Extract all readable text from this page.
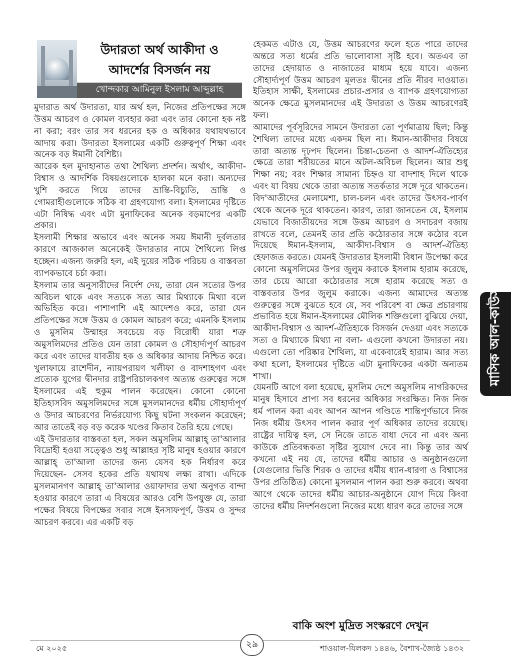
উদারতা অর্থ আকীদা ও
আদর্শের বিসর্জন নয়
খোন্দকার আমিনুল ইসলাম আব্দুল্লাহ

মুদারাত অর্থ উদারতা, যার অর্থ হল, নিজের প্রতিপক্ষের সঙ্গে উত্তম আচরণ ও কোমল ব্যবহার করা এবং তার কোনো হক নষ্ট না করা; বরং তার সব ধরনের হক ও অধিকার যথাযথভাবে আদায় করা। উদারতা ইসলামের একটি গুরুত্বপূর্ণ শিক্ষা এবং অনেক বড় ঈমানী বৈশিষ্ট্য।

আরেক হল মুদাহানাত তথা শৈথিল্য প্রদর্শন। অর্থাৎ, আকীদা-বিশ্বাস ও আদর্শিক বিষয়গুলোকে হালকা মনে করা। অন্যদের খুশি করতে গিয়ে তাদের ভ্রান্তি-বিচ্যুতি, ভ্রান্তি ও গোমরাহীগুলোকে সঠিক বা গ্রহণযোগ্য বলা। ইসলামের দৃষ্টিতে এটা নিষিদ্ধ এবং এটা মুনাফিকের অনেক বড়মাপের একটি প্রকার।

ইসলামী শিক্ষার অভাবে এবং অনেক সময় ঈমানী দুর্বলতার কারণে আজকাল অনেকেই উদারতার নামে শৈথিল্যে লিপ্ত হচ্ছেন। এজন্য জরুরি হল, এই দুয়ের সঠিক পরিচয় ও বাস্তবতা ব্যাপকভাবে চর্চা করা।

ইসলাম তার অনুসারীদের নির্দেশ দেয়, তারা যেন সত্যের উপর অবিচল থাকে এবং সত্যকে সত্য আর মিথ্যাকে মিথ্যা বলে অভিহিত করে। পাশাপাশি এই আদেশও করে, তারা যেন প্রতিপক্ষের সঙ্গে উত্তম ও কোমল আচরণ করে; এমনকি ইসলাম ও মুসলিম উম্মাহর সবচেয়ে বড় বিরোধী যারা শত্রু অমুসলিমদের প্রতিও যেন তারা কোমল ও সৌহার্দ্যপূর্ণ আচরণ করে এবং তাদের যাবতীয় হক ও অধিকার আদায় নিশ্চিত করে। খুলাফায়ে রাশেদীন, ন্যায়পরায়ণ খলীফা ও বাদশাহগণ এবং প্রত্যেক যুগের দ্বীনদার রাষ্ট্রপরিচালকগণ অত্যন্ত গুরুত্বের সঙ্গে ইসলামের এই হুকুম পালন করেছেন। কোনো কোনো ইতিহাসবিদ অমুসলিমদের সঙ্গে মুসলমানদের ধর্মীয় সৌহার্দ্যপূর্ণ ও উদার আচরণের নির্ভরযোগ্য কিছু ঘটনা সংকলন করেছেন; আর তাতেই বড় বড় করেক খণ্ডের কিতাব তৈরি হয়ে গেছে।

এই উদারতার বাস্তবতা হল, সকল অমুসলিম আল্লাহ্ তা'আলার বিদ্রোহী হওয়া সত্ত্বেও শুধু আল্লাহর সৃষ্টি মানুষ হওয়ার কারণে আল্লাহ্ তা'আলা তাদের জন্য যেসব হক নির্ধারণ করে দিয়েছেন- সেসব হকের প্রতি যথাযথ লক্ষ্য রাখা। এদিকে মুসলমানগণ আল্লাহ্ তা'আলার ওয়াফাদার তথা অনুগত বান্দা হওয়ার কারণে তারা এ বিষয়ের আরও বেশি উপযুক্ত যে, তারা পক্ষের বিষয়ে বিপক্ষের সবার সঙ্গে ইনসাফপূর্ণ, উত্তম ও সুন্দর আচরণ করবে। এর একটি বড়

হেকমত এটাও যে, উত্তম আচরণের ফলে হতে পারে তাদের অন্তরে সত্য ধর্মের প্রতি ভালোবাসা সৃষ্টি হবে। অতএব তা তাদের হেদায়াত ও নাজাতের মাধ্যম হয়ে যাবে। এজন্য সৌহার্দ্যপূর্ণ উত্তম আচরণ মূলতঃ দ্বীনের প্রতি নীরব দাওয়াত। ইতিহাস সাক্ষী, ইসলামের প্রচার-প্রসার ও ব্যাপক গ্রহণযোগ্যতা অনেক ক্ষেত্রে মুসলমানদের এই উদারতা ও উত্তম আচরণেরই ফল।

আমাদের পূর্বসূরিদের সামনে উদারতা তো পূর্ণমাত্রায় ছিল; কিন্তু শৈথিল্য তাদের মধ্যে একদম ছিল না। ঈমান-আকীদার বিষয়ে তারা অত্যন্ত দৃঢ়পদ ছিলেন। চিন্তা-চেতনা ও আদর্শ-ঐতিহ্যের ক্ষেত্রে তারা শরীয়তের মানে অটল-অবিচল ছিলেন। আর শুধু শিক্ষা নয়; বরং শিক্ষার সামান্য চিহ্নও যা বাদশাহ দিলে থাকে এবং যা বিষয় থেকে তারা অত্যন্ত সতর্কতার সঙ্গে দূরে থাকতেন। বিদ'আতীদের মেলামেশা, চাল-চলন এবং তাদের উৎসব-পার্বণ থেকে অনেক দূরে থাকতেন। কারণ, তারা জানতেন যে, ইসলাম যেভাবে বিজাতীয়দের সঙ্গে উত্তম আচরণ ও সদাচরণ বজায় রাখতে বলে, তেমনই তার প্রতি কঠোরতার সঙ্গে কঠোর বলে দিয়েছে ঈমান-ইসলাম, আকীদা-বিশ্বাস ও আদর্শ-ঐতিহ্য হেফাজত করতে। যেমনই উদারতার ইসলামী বিধান উপেক্ষা করে কোনো অমুসলিমের উপর জুলুম করাকে ইসলাম হারাম করেছে, তার চেয়ে আরো কঠোরতার সঙ্গে হারাম করেছে সত্য ও বাস্তবতার উপর জুলুম করাকে। এজন্য আমাদের অত্যন্ত গুরুত্বের সঙ্গে বুঝতে হবে যে, সব পরিবেশ বা ক্ষেত্র প্রচারণায় প্রভাবিত হয়ে ঈমান-ইসলামের মৌলিক শক্তিগুলো বুঝিয়ে দেয়া, আকীদা-বিশ্বাস ও আদর্শ-ঐতিহ্যকে বিসর্জন দেওয়া এবং সত্যকে সত্য ও মিথ্যাকে মিথ্যা না বলা- এগুলো কখনো উদারতা নয়। এগুলো তো পরিষ্কার শৈথিল্য, যা একেবারেই হারাম। আর সত্য কথা হলো, ইসলামের দৃষ্টিতে এটা মুনাফিকের একটা অন্যতম শাখা।

যেমনটি আগে বলা হয়েছে, মুসলিম দেশে অমুসলিম নাগরিকদের মানুষ হিসাবে প্রাপ্য সব ধরনের অধিকার সংরক্ষিত। নিজ নিজ ধর্ম পালন করা এবং আপন আপন গণ্ডিতে শান্তিপূর্ণভাবে নিজ নিজ ধর্মীয় উৎসব পালন করার পূর্ণ অধিকার তাদের রয়েছে। রাষ্ট্রের দায়িত্ব হল, সে নিজে তাতে বাধা দেবে না এবং অন্য কাউকে প্রতিবন্ধকতা সৃষ্টির সুযোগ দেবে না। কিন্তু তার অর্থ কখনো এই নয় যে, তাদের ধর্মীয় আচার ও অনুষ্ঠানগুলো (যেগুলোর ভিত্তি শিরক ও তাদের ধর্মীয় ধ্যান-ধারণা ও বিশ্বাসের উপর প্রতিষ্ঠিত) কোনো মুসলমান পালন করা শুরু করবে। অথবা আগে থেকে তাদের ধর্মীয় আচার-অনুষ্ঠানে যোগ দিয়ে কিংবা তাদের ধর্মীয় নিদর্শনগুলো নিজের মধ্যে ধারণ করে তাদের সঙ্গে

বাকি অংশ মুদ্রিত সংস্করণে দেখুন
মাসিক আল-কাউসার
মে ২০২৫	২৯	শাওয়াল-যিলকদ ১৪৪৬, বৈশাখ-জ্যৈষ্ঠ ১৪৩২
